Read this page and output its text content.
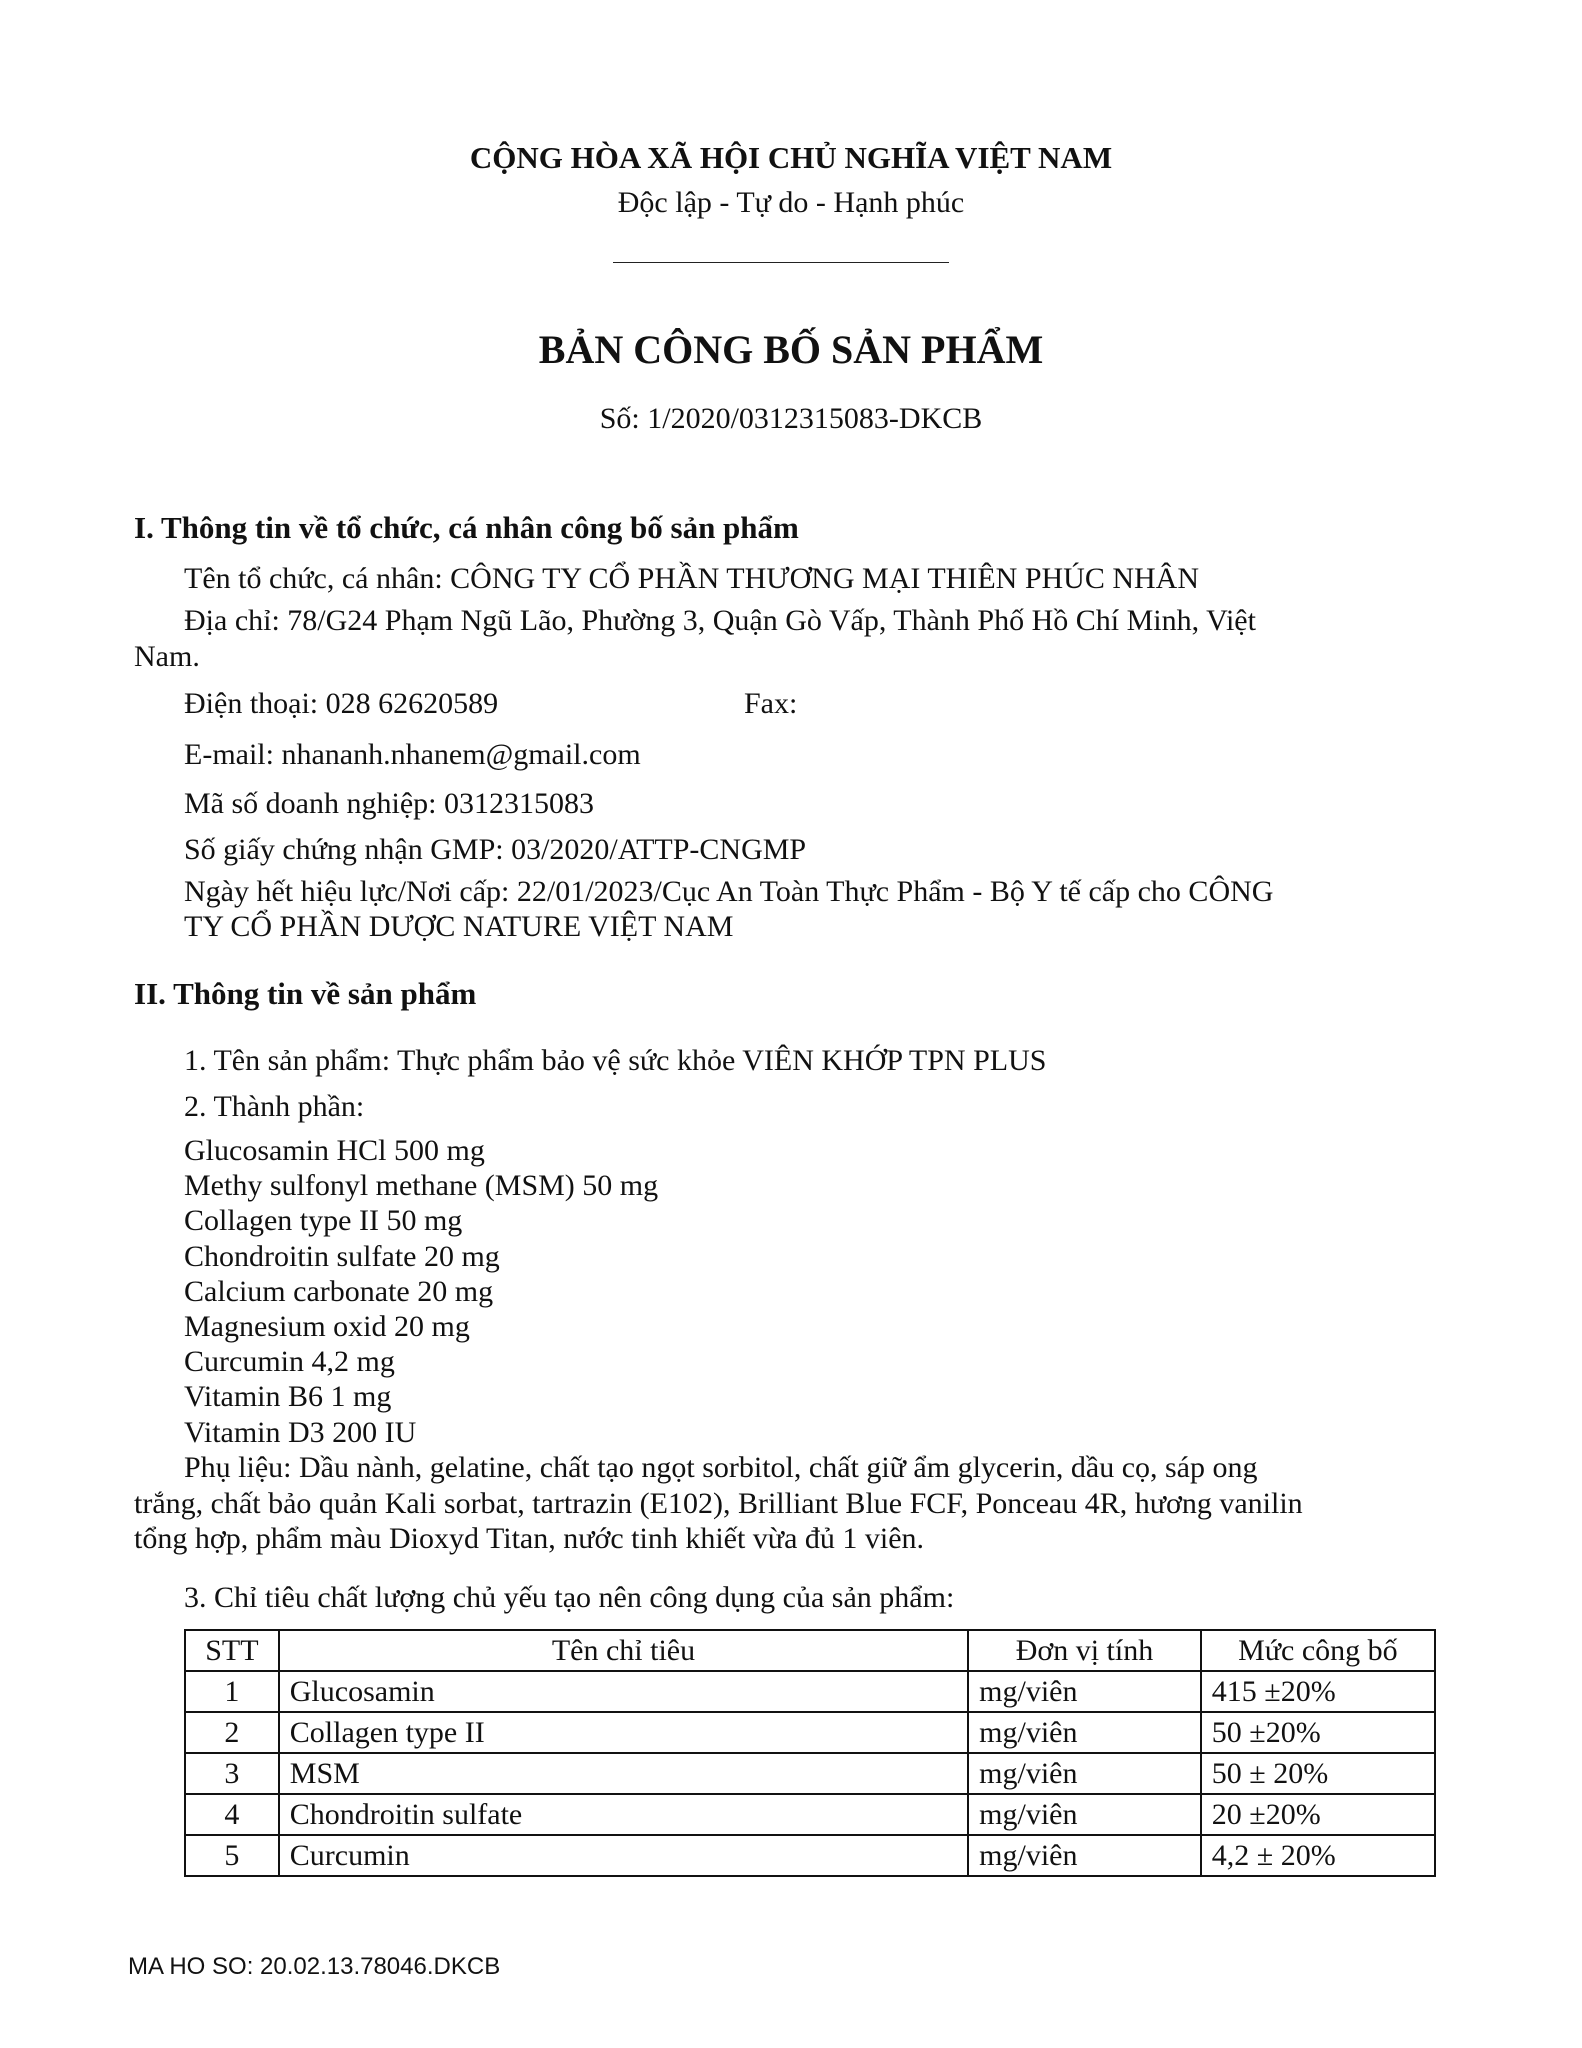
CỘNG HÒA XÃ HỘI CHỦ NGHĨA VIỆT NAM
Độc lập - Tự do - Hạnh phúc
BẢN CÔNG BỐ SẢN PHẨM
Số: 1/2020/0312315083-DKCB
I. Thông tin về tổ chức, cá nhân công bố sản phẩm
Tên tổ chức, cá nhân: CÔNG TY CỔ PHẦN THƯƠNG MẠI THIÊN PHÚC NHÂN
Địa chỉ: 78/G24 Phạm Ngũ Lão, Phường 3, Quận Gò Vấp, Thành Phố Hồ Chí Minh, Việt
Nam.
Điện thoại: 028 62620589	Fax:
E-mail: nhananh.nhanem@gmail.com
Mã số doanh nghiệp: 0312315083
Số giấy chứng nhận GMP: 03/2020/ATTP-CNGMP
Ngày hết hiệu lực/Nơi cấp: 22/01/2023/Cục An Toàn Thực Phẩm - Bộ Y tế cấp cho CÔNG
TY CỔ PHẦN DƯỢC NATURE VIỆT NAM
II. Thông tin về sản phẩm
1. Tên sản phẩm: Thực phẩm bảo vệ sức khỏe VIÊN KHỚP TPN PLUS
2. Thành phần:
Glucosamin HCl 500 mg
Methy sulfonyl methane (MSM) 50 mg
Collagen type II 50 mg
Chondroitin sulfate 20 mg
Calcium carbonate 20 mg
Magnesium oxid 20 mg
Curcumin 4,2 mg
Vitamin B6 1 mg
Vitamin D3 200 IU
Phụ liệu: Dầu nành, gelatine, chất tạo ngọt sorbitol, chất giữ ẩm glycerin, dầu cọ, sáp ong
trắng, chất bảo quản Kali sorbat, tartrazin (E102), Brilliant Blue FCF, Ponceau 4R, hương vanilin
tổng hợp, phẩm màu Dioxyd Titan, nước tinh khiết vừa đủ 1 viên.
3. Chỉ tiêu chất lượng chủ yếu tạo nên công dụng của sản phẩm:
STT	Tên chỉ tiêu	Đơn vị tính	Mức công bố
1	Glucosamin	mg/viên	415 ±20%
2	Collagen type II	mg/viên	50 ±20%
3	MSM	mg/viên	50 ± 20%
4	Chondroitin sulfate	mg/viên	20 ±20%
5	Curcumin	mg/viên	4,2 ± 20%
MA HO SO: 20.02.13.78046.DKCB
